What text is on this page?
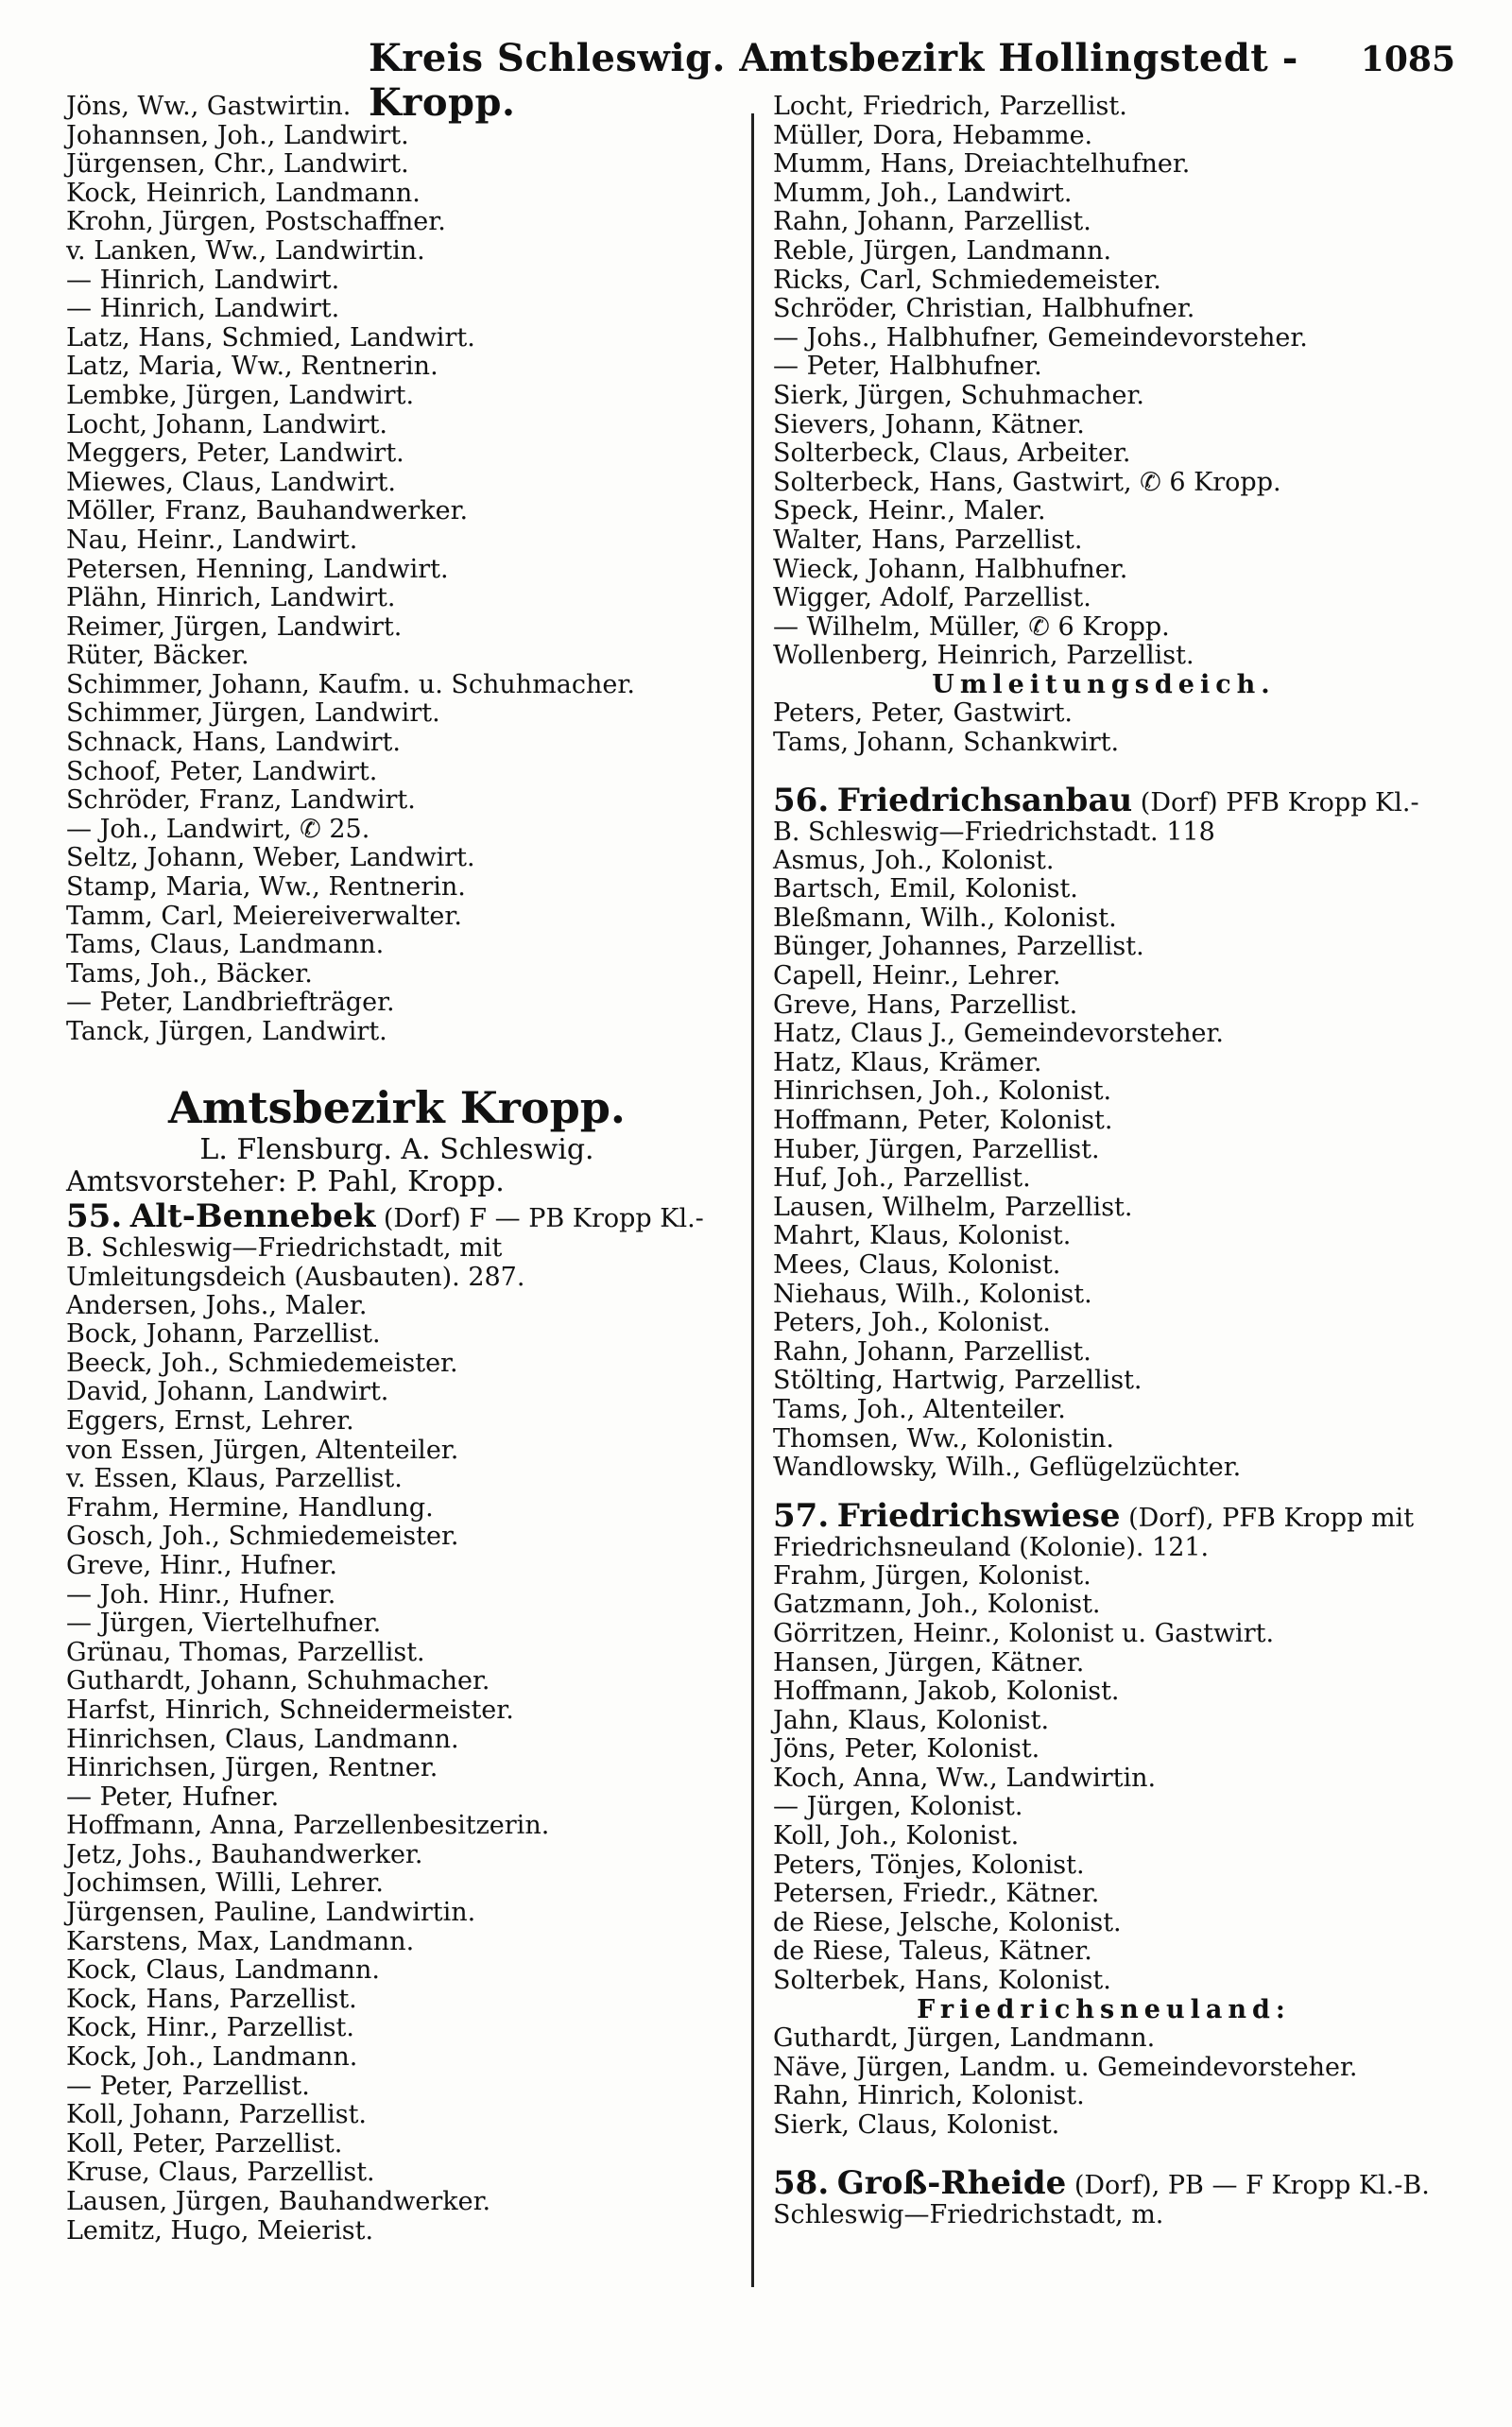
Kreis Schleswig. Amtsbezirk Hollingstedt - Kropp.
1085
Jöns, Ww., Gastwirtin.
Johannsen, Joh., Landwirt.
Jürgensen, Chr., Landwirt.
Kock, Heinrich, Landmann.
Krohn, Jürgen, Postschaffner.
v. Lanken, Ww., Landwirtin.
— Hinrich, Landwirt.
— Hinrich, Landwirt.
Latz, Hans, Schmied, Landwirt.
Latz, Maria, Ww., Rentnerin.
Lembke, Jürgen, Landwirt.
Locht, Johann, Landwirt.
Meggers, Peter, Landwirt.
Miewes, Claus, Landwirt.
Möller, Franz, Bauhandwerker.
Nau, Heinr., Landwirt.
Petersen, Henning, Landwirt.
Plähn, Hinrich, Landwirt.
Reimer, Jürgen, Landwirt.
Rüter, Bäcker.
Schimmer, Johann, Kaufm. u. Schuhmacher.
Schimmer, Jürgen, Landwirt.
Schnack, Hans, Landwirt.
Schoof, Peter, Landwirt.
Schröder, Franz, Landwirt.
— Joh., Landwirt, ✆ 25.
Seltz, Johann, Weber, Landwirt.
Stamp, Maria, Ww., Rentnerin.
Tamm, Carl, Meiereiverwalter.
Tams, Claus, Landmann.
Tams, Joh., Bäcker.
— Peter, Landbriefträger.
Tanck, Jürgen, Landwirt.
Amtsbezirk Kropp.
L. Flensburg. A. Schleswig.
Amtsvorsteher: P. Pahl, Kropp.
55. Alt-Bennebek (Dorf) F — PB Kropp Kl.-B. Schleswig—Friedrichstadt, mit Umleitungsdeich (Ausbauten). 287.
Andersen, Johs., Maler.
Bock, Johann, Parzellist.
Beeck, Joh., Schmiedemeister.
David, Johann, Landwirt.
Eggers, Ernst, Lehrer.
von Essen, Jürgen, Altenteiler.
v. Essen, Klaus, Parzellist.
Frahm, Hermine, Handlung.
Gosch, Joh., Schmiedemeister.
Greve, Hinr., Hufner.
— Joh. Hinr., Hufner.
— Jürgen, Viertelhufner.
Grünau, Thomas, Parzellist.
Guthardt, Johann, Schuhmacher.
Harfst, Hinrich, Schneidermeister.
Hinrichsen, Claus, Landmann.
Hinrichsen, Jürgen, Rentner.
— Peter, Hufner.
Hoffmann, Anna, Parzellenbesitzerin.
Jetz, Johs., Bauhandwerker.
Jochimsen, Willi, Lehrer.
Jürgensen, Pauline, Landwirtin.
Karstens, Max, Landmann.
Kock, Claus, Landmann.
Kock, Hans, Parzellist.
Kock, Hinr., Parzellist.
Kock, Joh., Landmann.
— Peter, Parzellist.
Koll, Johann, Parzellist.
Koll, Peter, Parzellist.
Kruse, Claus, Parzellist.
Lausen, Jürgen, Bauhandwerker.
Lemitz, Hugo, Meierist.
Locht, Friedrich, Parzellist.
Müller, Dora, Hebamme.
Mumm, Hans, Dreiachtelhufner.
Mumm, Joh., Landwirt.
Rahn, Johann, Parzellist.
Reble, Jürgen, Landmann.
Ricks, Carl, Schmiedemeister.
Schröder, Christian, Halbhufner.
— Johs., Halbhufner, Gemeindevorsteher.
— Peter, Halbhufner.
Sierk, Jürgen, Schuhmacher.
Sievers, Johann, Kätner.
Solterbeck, Claus, Arbeiter.
Solterbeck, Hans, Gastwirt, ✆ 6 Kropp.
Speck, Heinr., Maler.
Walter, Hans, Parzellist.
Wieck, Johann, Halbhufner.
Wigger, Adolf, Parzellist.
— Wilhelm, Müller, ✆ 6 Kropp.
Wollenberg, Heinrich, Parzellist.
Umleitungsdeich.
Peters, Peter, Gastwirt.
Tams, Johann, Schankwirt.
56. Friedrichsanbau (Dorf) PFB Kropp Kl.-B. Schleswig—Friedrichstadt. 118
Asmus, Joh., Kolonist.
Bartsch, Emil, Kolonist.
Bleßmann, Wilh., Kolonist.
Bünger, Johannes, Parzellist.
Capell, Heinr., Lehrer.
Greve, Hans, Parzellist.
Hatz, Claus J., Gemeindevorsteher.
Hatz, Klaus, Krämer.
Hinrichsen, Joh., Kolonist.
Hoffmann, Peter, Kolonist.
Huber, Jürgen, Parzellist.
Huf, Joh., Parzellist.
Lausen, Wilhelm, Parzellist.
Mahrt, Klaus, Kolonist.
Mees, Claus, Kolonist.
Niehaus, Wilh., Kolonist.
Peters, Joh., Kolonist.
Rahn, Johann, Parzellist.
Stölting, Hartwig, Parzellist.
Tams, Joh., Altenteiler.
Thomsen, Ww., Kolonistin.
Wandlowsky, Wilh., Geflügelzüchter.
57. Friedrichswiese (Dorf), PFB Kropp mit Friedrichsneuland (Kolonie). 121.
Frahm, Jürgen, Kolonist.
Gatzmann, Joh., Kolonist.
Görritzen, Heinr., Kolonist u. Gastwirt.
Hansen, Jürgen, Kätner.
Hoffmann, Jakob, Kolonist.
Jahn, Klaus, Kolonist.
Jöns, Peter, Kolonist.
Koch, Anna, Ww., Landwirtin.
— Jürgen, Kolonist.
Koll, Joh., Kolonist.
Peters, Tönjes, Kolonist.
Petersen, Friedr., Kätner.
de Riese, Jelsche, Kolonist.
de Riese, Taleus, Kätner.
Solterbek, Hans, Kolonist.
Friedrichsneuland:
Guthardt, Jürgen, Landmann.
Näve, Jürgen, Landm. u. Gemeindevorsteher.
Rahn, Hinrich, Kolonist.
Sierk, Claus, Kolonist.
58. Groß-Rheide (Dorf), PB — F Kropp Kl.-B. Schleswig—Friedrichstadt, m.
